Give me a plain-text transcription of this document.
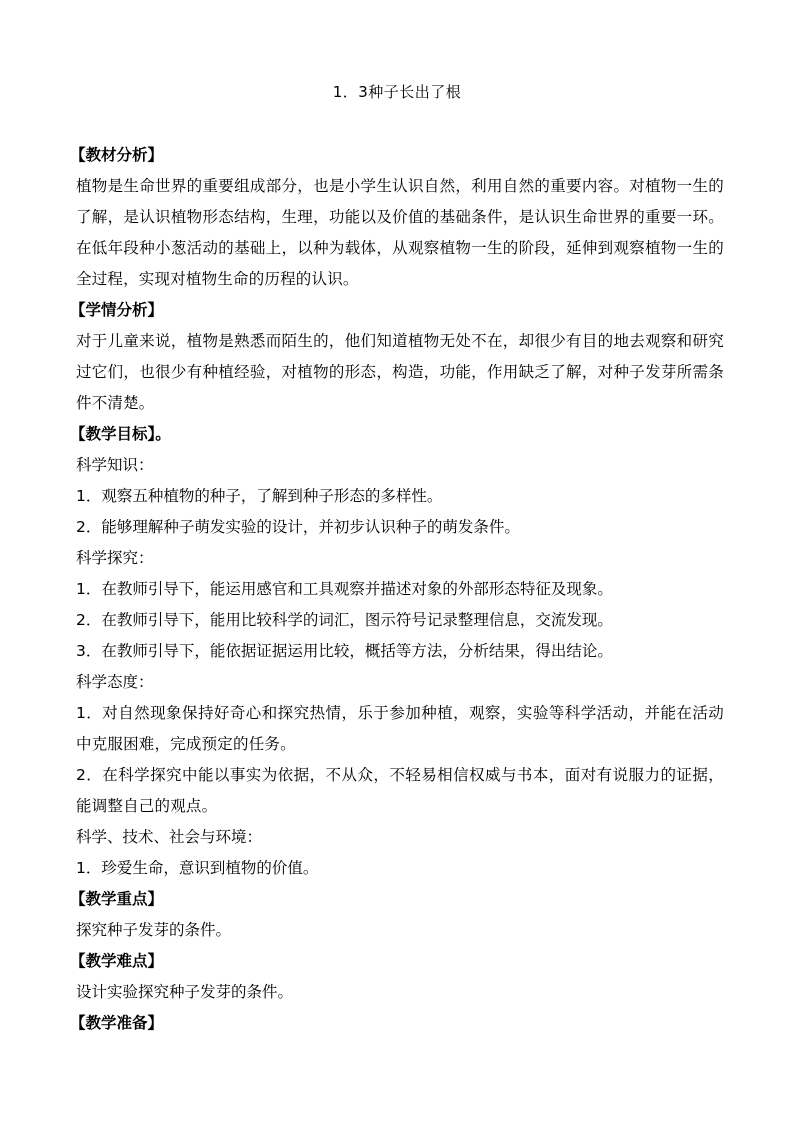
1．3种子长出了根
【教材分析】
植物是生命世界的重要组成部分，也是小学生认识自然，利用自然的重要内容。对植物一生的了解，是认识植物形态结构，生理，功能以及价值的基础条件，是认识生命世界的重要一环。在低年段种小葱活动的基础上，以种为载体，从观察植物一生的阶段，延伸到观察植物一生的全过程，实现对植物生命的历程的认识。
【学情分析】
对于儿童来说，植物是熟悉而陌生的，他们知道植物无处不在，却很少有目的地去观察和研究过它们，也很少有种植经验，对植物的形态，构造，功能，作用缺乏了解，对种子发芽所需条件不清楚。
【教学目标】。
科学知识：
1．观察五种植物的种子，了解到种子形态的多样性。
2．能够理解种子萌发实验的设计，并初步认识种子的萌发条件。
科学探究：
1．在教师引导下，能运用感官和工具观察并描述对象的外部形态特征及现象。
2．在教师引导下，能用比较科学的词汇，图示符号记录整理信息，交流发现。
3．在教师引导下，能依据证据运用比较，概括等方法，分析结果，得出结论。
科学态度：
1．对自然现象保持好奇心和探究热情，乐于参加种植，观察，实验等科学活动，并能在活动中克服困难，完成预定的任务。
2．在科学探究中能以事实为依据，不从众，不轻易相信权威与书本，面对有说服力的证据，能调整自己的观点。
科学、技术、社会与环境：
1．珍爱生命，意识到植物的价值。
【教学重点】
探究种子发芽的条件。
【教学难点】
设计实验探究种子发芽的条件。
【教学准备】
